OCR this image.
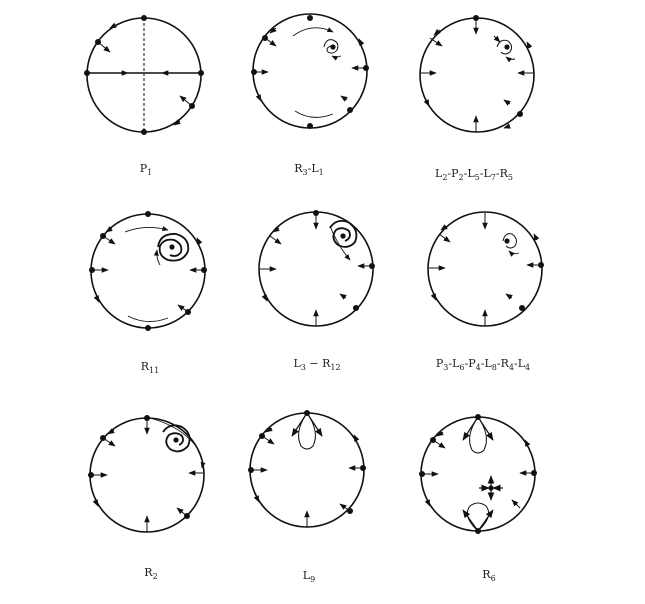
$P_1$	$R_3-L_1$	$L_2-P_2-L_5-L_7-R_5$
$R_{11}$
$L_3 - R_{12}$	$P_3-L_6-P_4-L_8-R_4-L_4$
$R_2$	$L_9$	$R_6$
